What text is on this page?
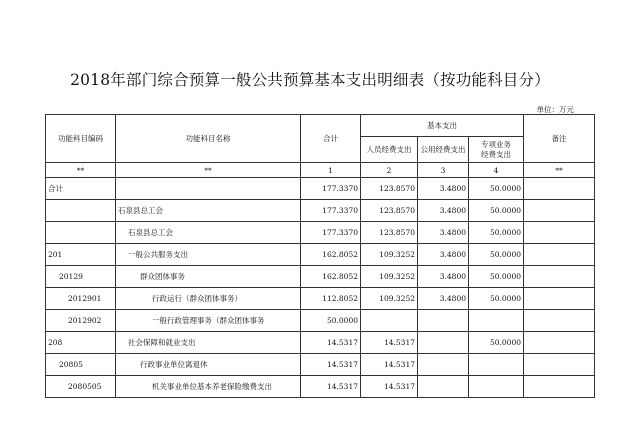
2018年部门综合预算一般公共预算基本支出明细表（按功能科目分）
单位：万元
功能科目编码	功能科目名称	合计	基本支出			备注
			人员经费支出	公用经费支出	专项业务
经费支出	
**	**	1	2	3	4	**
合计		177.3370	123.8570	3.4800	50.0000	
	石泉县总工会	177.3370	123.8570	3.4800	50.0000	
	石泉县总工会	177.3370	123.8570	3.4800	50.0000	
201	一般公共服务支出	162.8052	109.3252	3.4800	50.0000	
20129	群众团体事务	162.8052	109.3252	3.4800	50.0000	
2012901	行政运行（群众团体事务）	112.8052	109.3252	3.4800	50.0000	
2012902	一般行政管理事务（群众团体事务	50.0000				
208	社会保障和就业支出	14.5317	14.5317		50.0000	
20805	行政事业单位离退休	14.5317	14.5317			
2080505	机关事业单位基本养老保险缴费支出	14.5317	14.5317			
